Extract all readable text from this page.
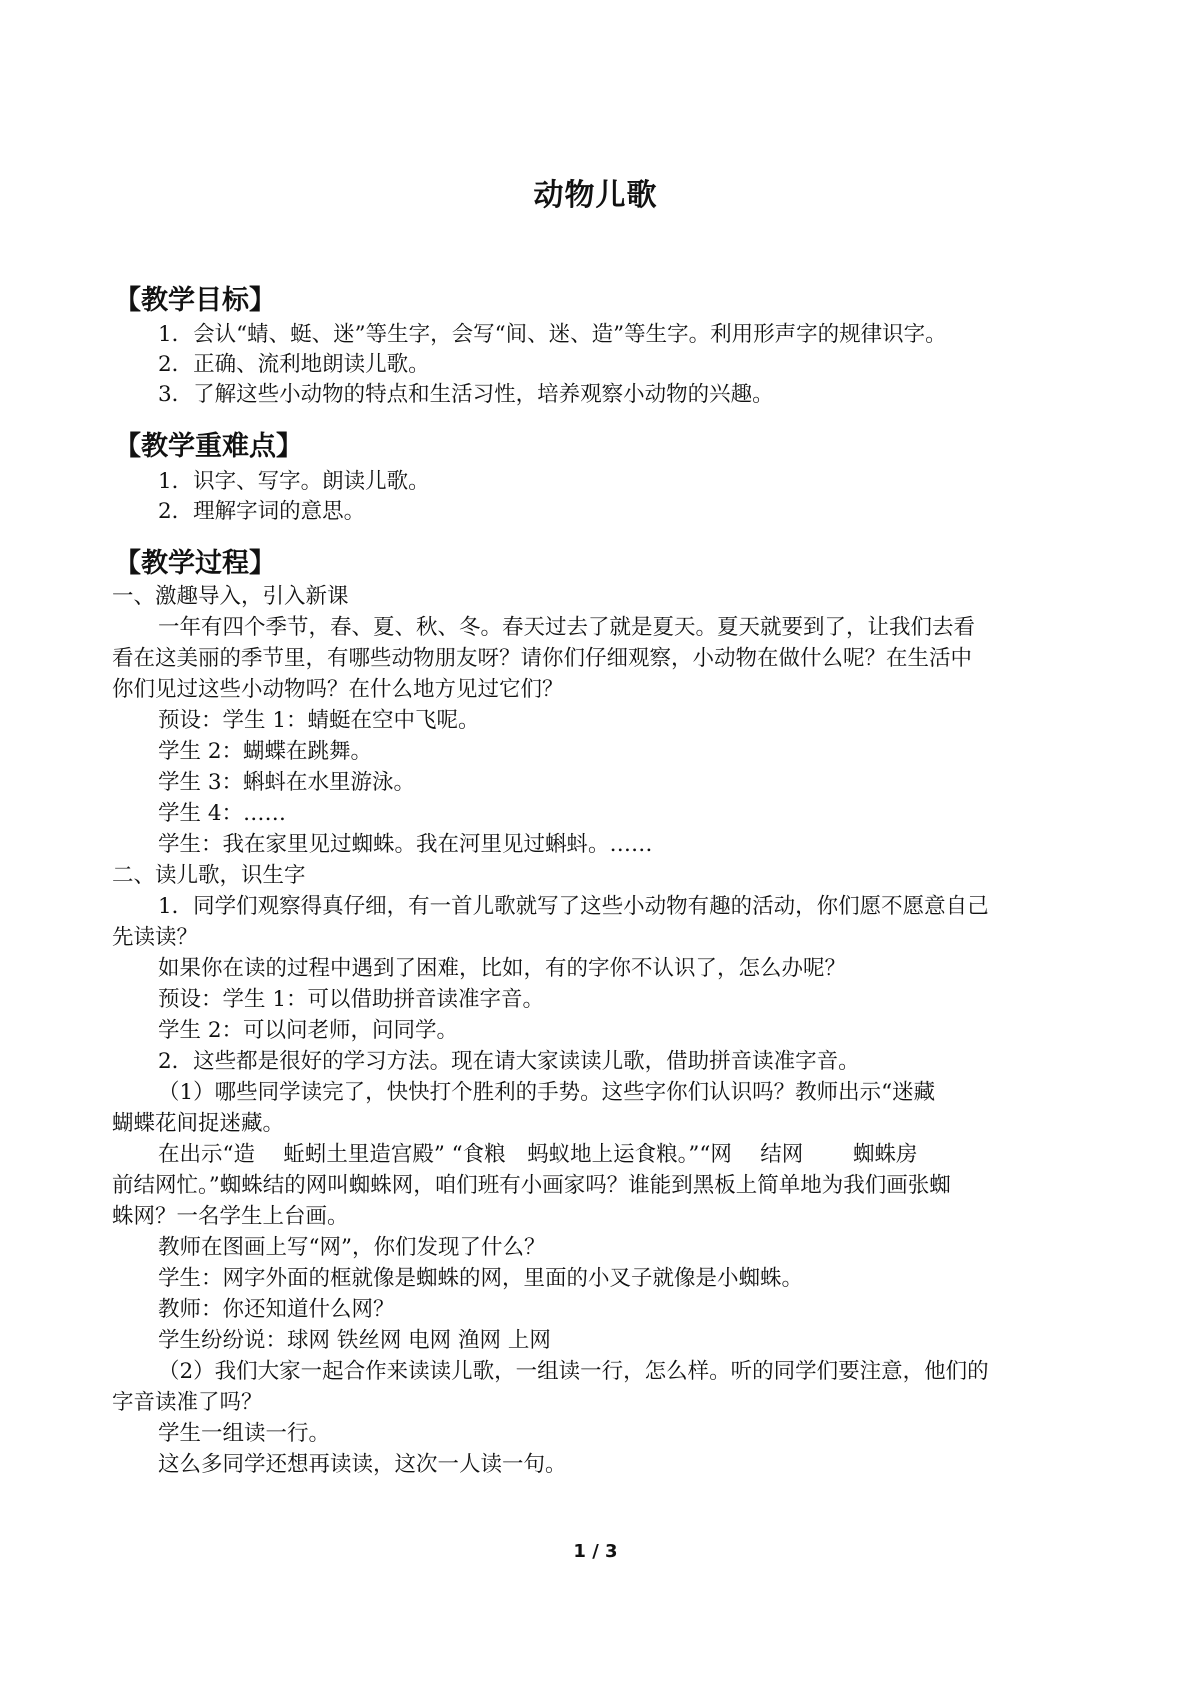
动物儿歌
【教学目标】
1．会认“蜻、蜓、迷”等生字，会写“间、迷、造”等生字。利用形声字的规律识字。
2．正确、流利地朗读儿歌。
3．了解这些小动物的特点和生活习性，培养观察小动物的兴趣。
【教学重难点】
1．识字、写字。朗读儿歌。
2．理解字词的意思。
【教学过程】
一、激趣导入，引入新课
一年有四个季节，春、夏、秋、冬。春天过去了就是夏天。夏天就要到了，让我们去看
看在这美丽的季节里，有哪些动物朋友呀？请你们仔细观察，小动物在做什么呢？在生活中
你们见过这些小动物吗？在什么地方见过它们？
预设：学生 1：蜻蜓在空中飞呢。
学生 2：蝴蝶在跳舞。
学生 3：蝌蚪在水里游泳。
学生 4：……
学生：我在家里见过蜘蛛。我在河里见过蝌蚪。……
二、读儿歌，识生字
1．同学们观察得真仔细，有一首儿歌就写了这些小动物有趣的活动，你们愿不愿意自己
先读读？
如果你在读的过程中遇到了困难，比如，有的字你不认识了，怎么办呢？
预设：学生 1：可以借助拼音读准字音。
学生 2：可以问老师，问同学。
2．这些都是很好的学习方法。现在请大家读读儿歌，借助拼音读准字音。
（1）哪些同学读完了，快快打个胜利的手势。这些字你们认识吗？教师出示“迷藏
蝴蝶花间捉迷藏。
在出示“造　 蚯蚓土里造宫殿” “食粮　蚂蚁地上运食粮。”“网　 结网　　 蜘蛛房
前结网忙。”蜘蛛结的网叫蜘蛛网，咱们班有小画家吗？谁能到黑板上简单地为我们画张蜘
蛛网？一名学生上台画。
教师在图画上写“网”，你们发现了什么？
学生：网字外面的框就像是蜘蛛的网，里面的小叉子就像是小蜘蛛。
教师：你还知道什么网？
学生纷纷说：球网 铁丝网 电网 渔网 上网
（2）我们大家一起合作来读读儿歌，一组读一行，怎么样。听的同学们要注意，他们的
字音读准了吗？
学生一组读一行。
这么多同学还想再读读，这次一人读一句。
1 / 3
